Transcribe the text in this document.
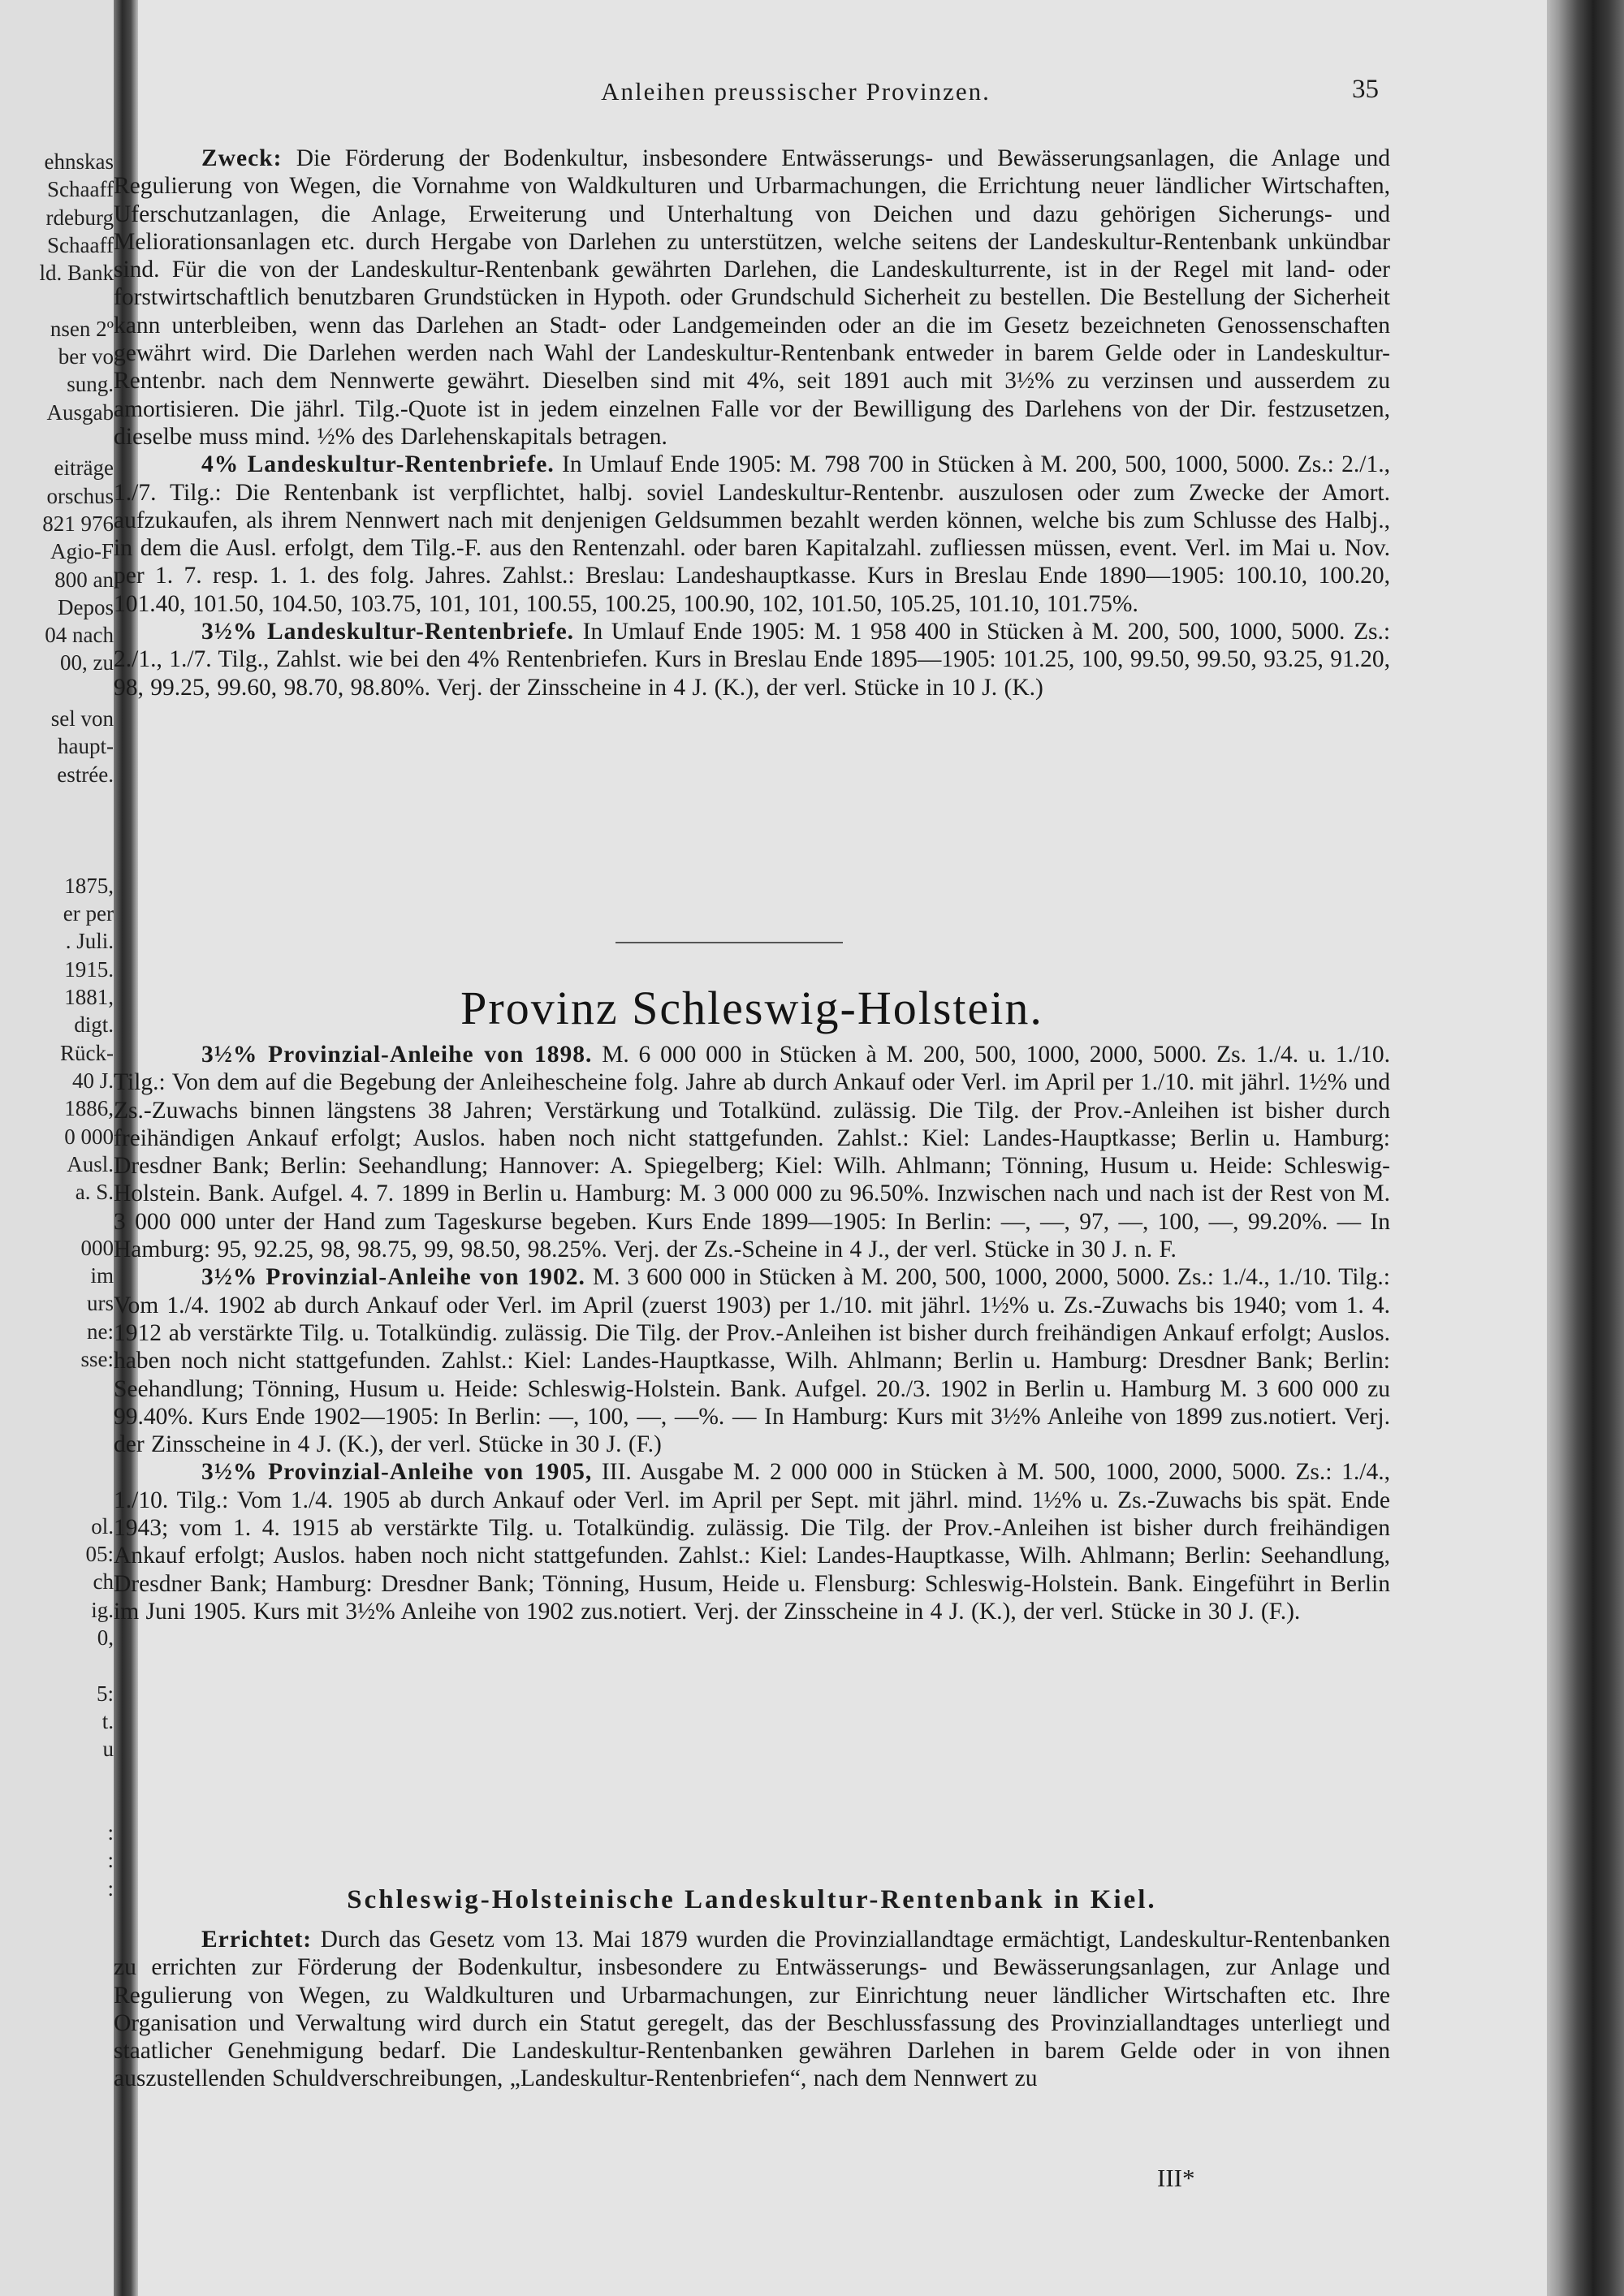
ehnskas
Schaaff
rdeburg
Schaaff
ld. Bank
nsen 2º
ber vo
sung.
Ausgab
eiträge
orschus
821 976
Agio-F
800 an
Depos
04 nach
00, zu
sel von
haupt-
estrée.
1875,
er per
. Juli.
1915.
1881,
digt.
Rück-
40 J.
1886,
0 000
Ausl.
a. S.
000
im
urs
ne:
sse:
ol.
05:
ch
ig.
0,
5:
t.
u
:
:
:
Anleihen preussischer Provinzen.	35

Zweck: Die Förderung der Bodenkultur, insbesondere Entwässerungs- und Bewässerungsanlagen, die Anlage und Regulierung von Wegen, die Vornahme von Waldkulturen und Urbarmachungen, die Errichtung neuer ländlicher Wirtschaften, Uferschutzanlagen, die Anlage, Erweiterung und Unterhaltung von Deichen und dazu gehörigen Sicherungs- und Meliorationsanlagen etc. durch Hergabe von Darlehen zu unterstützen, welche seitens der Landeskultur-Rentenbank unkündbar sind. Für die von der Landeskultur-Rentenbank gewährten Darlehen, die Landeskulturrente, ist in der Regel mit land- oder forstwirtschaftlich benutzbaren Grundstücken in Hypoth. oder Grundschuld Sicherheit zu bestellen. Die Bestellung der Sicherheit kann unterbleiben, wenn das Darlehen an Stadt- oder Landgemeinden oder an die im Gesetz bezeichneten Genossenschaften gewährt wird. Die Darlehen werden nach Wahl der Landeskultur-Rentenbank entweder in barem Gelde oder in Landeskultur-Rentenbr. nach dem Nennwerte gewährt. Dieselben sind mit 4%, seit 1891 auch mit 3½% zu verzinsen und ausserdem zu amortisieren. Die jährl. Tilg.-Quote ist in jedem einzelnen Falle vor der Bewilligung des Darlehens von der Dir. festzusetzen, dieselbe muss mind. ½% des Darlehenskapitals betragen.

4% Landeskultur-Rentenbriefe. In Umlauf Ende 1905: M. 798 700 in Stücken à M. 200, 500, 1000, 5000. Zs.: 2./1., 1./7. Tilg.: Die Rentenbank ist verpflichtet, halbj. soviel Landeskultur-Rentenbr. auszulosen oder zum Zwecke der Amort. aufzukaufen, als ihrem Nennwert nach mit denjenigen Geldsummen bezahlt werden können, welche bis zum Schlusse des Halbj., in dem die Ausl. erfolgt, dem Tilg.-F. aus den Rentenzahl. oder baren Kapitalzahl. zufliessen müssen, event. Verl. im Mai u. Nov. per 1. 7. resp. 1. 1. des folg. Jahres. Zahlst.: Breslau: Landeshauptkasse. Kurs in Breslau Ende 1890—1905: 100.10, 100.20, 101.40, 101.50, 104.50, 103.75, 101, 101, 100.55, 100.25, 100.90, 102, 101.50, 105.25, 101.10, 101.75%.

3½% Landeskultur-Rentenbriefe. In Umlauf Ende 1905: M. 1 958 400 in Stücken à M. 200, 500, 1000, 5000. Zs.: 2./1., 1./7. Tilg., Zahlst. wie bei den 4% Rentenbriefen. Kurs in Breslau Ende 1895—1905: 101.25, 100, 99.50, 99.50, 93.25, 91.20, 98, 99.25, 99.60, 98.70, 98.80%. Verj. der Zinsscheine in 4 J. (K.), der verl. Stücke in 10 J. (K.)

Provinz Schleswig-Holstein.

3½% Provinzial-Anleihe von 1898. M. 6 000 000 in Stücken à M. 200, 500, 1000, 2000, 5000. Zs. 1./4. u. 1./10. Tilg.: Von dem auf die Begebung der Anleihescheine folg. Jahre ab durch Ankauf oder Verl. im April per 1./10. mit jährl. 1½% und Zs.-Zuwachs binnen längstens 38 Jahren; Verstärkung und Totalkünd. zulässig. Die Tilg. der Prov.-Anleihen ist bisher durch freihändigen Ankauf erfolgt; Auslos. haben noch nicht stattgefunden. Zahlst.: Kiel: Landes-Hauptkasse; Berlin u. Hamburg: Dresdner Bank; Berlin: Seehandlung; Hannover: A. Spiegelberg; Kiel: Wilh. Ahlmann; Tönning, Husum u. Heide: Schleswig-Holstein. Bank. Aufgel. 4. 7. 1899 in Berlin u. Hamburg: M. 3 000 000 zu 96.50%. Inzwischen nach und nach ist der Rest von M. 3 000 000 unter der Hand zum Tageskurse begeben. Kurs Ende 1899—1905: In Berlin: —, —, 97, —, 100, —, 99.20%. — In Hamburg: 95, 92.25, 98, 98.75, 99, 98.50, 98.25%. Verj. der Zs.-Scheine in 4 J., der verl. Stücke in 30 J. n. F.

3½% Provinzial-Anleihe von 1902. M. 3 600 000 in Stücken à M. 200, 500, 1000, 2000, 5000. Zs.: 1./4., 1./10. Tilg.: Vom 1./4. 1902 ab durch Ankauf oder Verl. im April (zuerst 1903) per 1./10. mit jährl. 1½% u. Zs.-Zuwachs bis 1940; vom 1. 4. 1912 ab verstärkte Tilg. u. Totalkündig. zulässig. Die Tilg. der Prov.-Anleihen ist bisher durch freihändigen Ankauf erfolgt; Auslos. haben noch nicht stattgefunden. Zahlst.: Kiel: Landes-Hauptkasse, Wilh. Ahlmann; Berlin u. Hamburg: Dresdner Bank; Berlin: Seehandlung; Tönning, Husum u. Heide: Schleswig-Holstein. Bank. Aufgel. 20./3. 1902 in Berlin u. Hamburg M. 3 600 000 zu 99.40%. Kurs Ende 1902—1905: In Berlin: —, 100, —, —%. — In Hamburg: Kurs mit 3½% Anleihe von 1899 zus.notiert. Verj. der Zinsscheine in 4 J. (K.), der verl. Stücke in 30 J. (F.)

3½% Provinzial-Anleihe von 1905, III. Ausgabe M. 2 000 000 in Stücken à M. 500, 1000, 2000, 5000. Zs.: 1./4., 1./10. Tilg.: Vom 1./4. 1905 ab durch Ankauf oder Verl. im April per Sept. mit jährl. mind. 1½% u. Zs.-Zuwachs bis spät. Ende 1943; vom 1. 4. 1915 ab verstärkte Tilg. u. Totalkündig. zulässig. Die Tilg. der Prov.-Anleihen ist bisher durch freihändigen Ankauf erfolgt; Auslos. haben noch nicht stattgefunden. Zahlst.: Kiel: Landes-Hauptkasse, Wilh. Ahlmann; Berlin: Seehandlung, Dresdner Bank; Hamburg: Dresdner Bank; Tönning, Husum, Heide u. Flensburg: Schleswig-Holstein. Bank. Eingeführt in Berlin im Juni 1905. Kurs mit 3½% Anleihe von 1902 zus.notiert. Verj. der Zinsscheine in 4 J. (K.), der verl. Stücke in 30 J. (F.).

Schleswig-Holsteinische Landeskultur-Rentenbank in Kiel.

Errichtet: Durch das Gesetz vom 13. Mai 1879 wurden die Provinziallandtage ermächtigt, Landeskultur-Rentenbanken zu errichten zur Förderung der Bodenkultur, insbesondere zu Entwässerungs- und Bewässerungsanlagen, zur Anlage und Regulierung von Wegen, zu Waldkulturen und Urbarmachungen, zur Einrichtung neuer ländlicher Wirtschaften etc. Ihre Organisation und Verwaltung wird durch ein Statut geregelt, das der Beschlussfassung des Provinziallandtages unterliegt und staatlicher Genehmigung bedarf. Die Landeskultur-Rentenbanken gewähren Darlehen in barem Gelde oder in von ihnen auszustellenden Schuldverschreibungen, „Landeskultur-Rentenbriefen“, nach dem Nennwert zu

III*
